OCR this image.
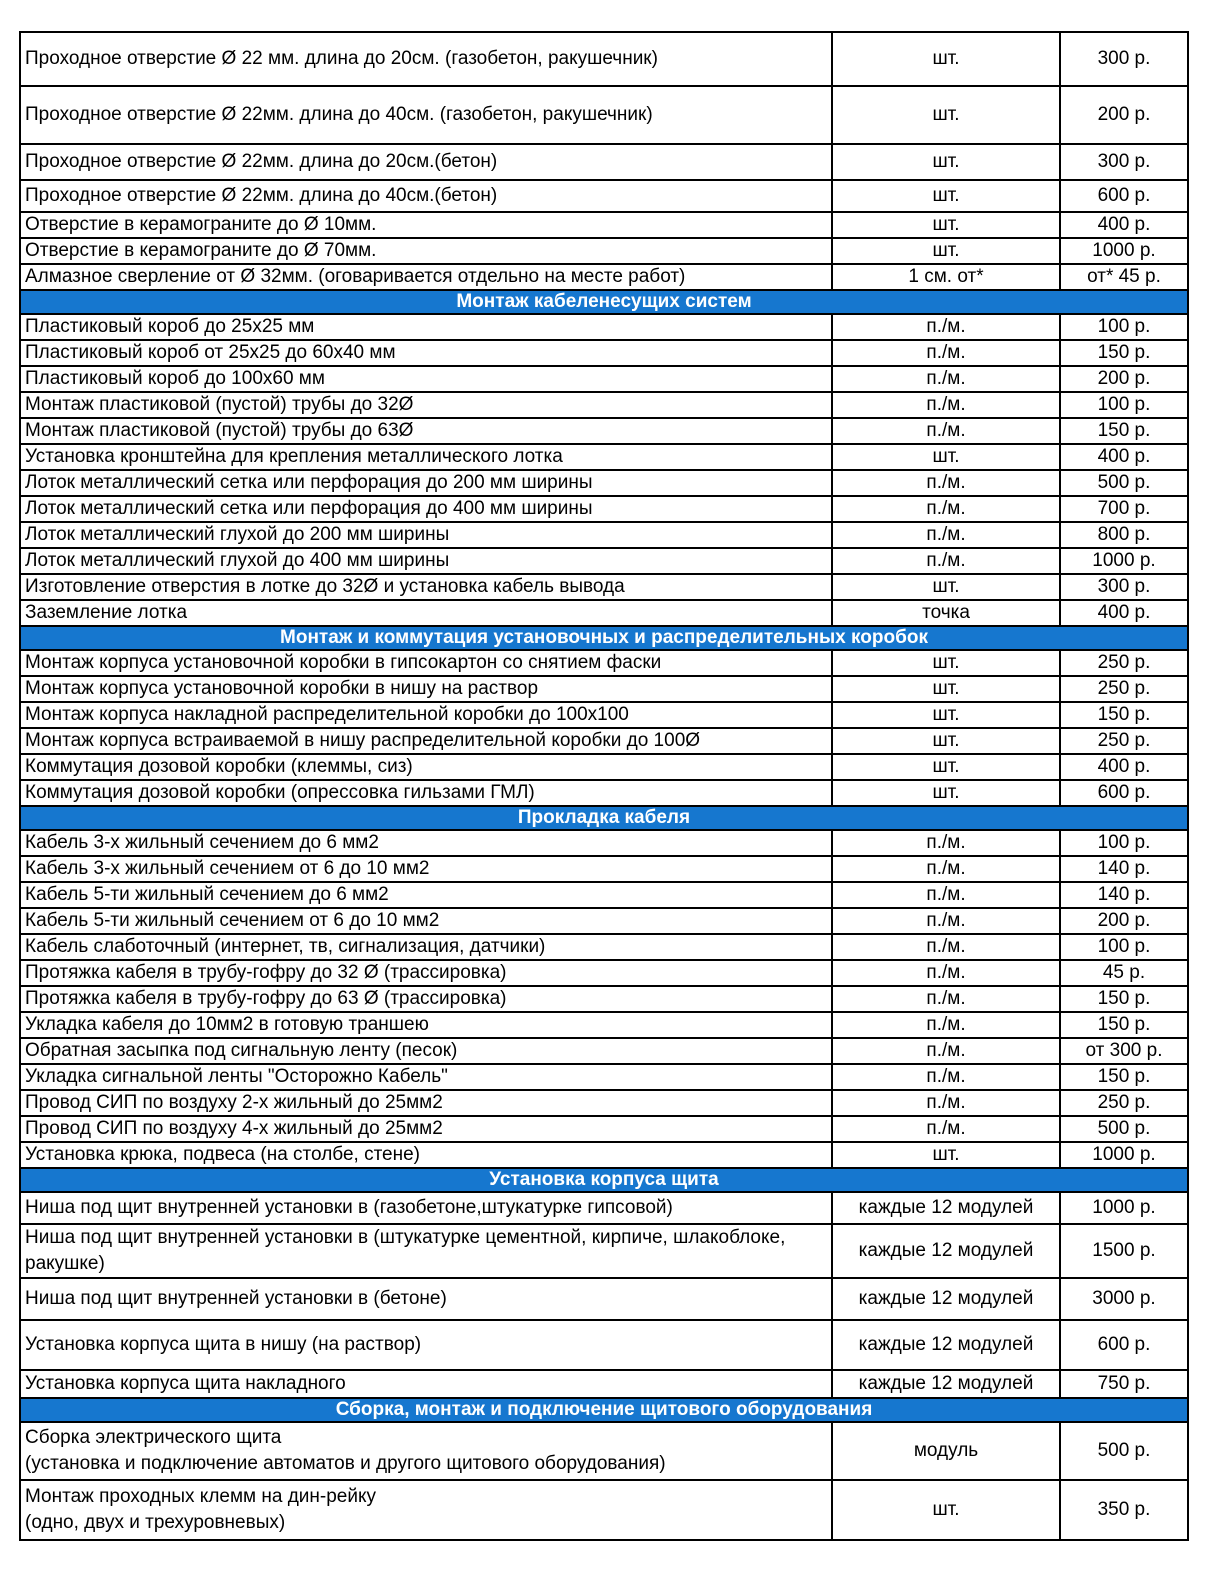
Проходное отверстие Ø 22 мм. длина до 20см. (газобетон, ракушечник)	шт.	300 р.
Проходное отверстие Ø 22мм. длина до 40см. (газобетон, ракушечник)	шт.	200 р.
Проходное отверстие Ø 22мм. длина до 20см.(бетон)	шт.	300 р.
Проходное отверстие Ø 22мм. длина до 40см.(бетон)	шт.	600 р.
Отверстие в керамограните до Ø 10мм.	шт.	400 р.
Отверстие в керамограните до Ø 70мм.	шт.	1000 р.
Алмазное сверление от Ø 32мм. (оговаривается отдельно на месте работ)	1 см. от*	от* 45 р.
Монтаж кабеленесущих систем		
Пластиковый короб до 25х25 мм	п./м.	100 р.
Пластиковый короб от 25х25 до 60х40 мм	п./м.	150 р.
Пластиковый короб до 100х60 мм	п./м.	200 р.
Монтаж пластиковой (пустой) трубы до 32Ø	п./м.	100 р.
Монтаж пластиковой (пустой) трубы до 63Ø	п./м.	150 р.
Установка кронштейна для крепления металлического лотка	шт.	400 р.
Лоток металлический сетка или перфорация до 200 мм ширины	п./м.	500 р.
Лоток металлический сетка или перфорация до 400 мм ширины	п./м.	700 р.
Лоток металлический глухой до 200 мм ширины	п./м.	800 р.
Лоток металлический глухой до 400 мм ширины	п./м.	1000 р.
Изготовление отверстия в лотке до 32Ø и установка кабель вывода	шт.	300 р.
Заземление лотка	точка	400 р.
Монтаж и коммутация установочных и распределительных коробок		
Монтаж корпуса установочной коробки в гипсокартон со снятием фаски	шт.	250 р.
Монтаж корпуса установочной коробки в нишу на раствор	шт.	250 р.
Монтаж корпуса накладной распределительной коробки до 100х100	шт.	150 р.
Монтаж корпуса встраиваемой в нишу распределительной коробки до 100Ø	шт.	250 р.
Коммутация дозовой коробки (клеммы, сиз)	шт.	400 р.
Коммутация дозовой коробки (опрессовка гильзами ГМЛ)	шт.	600 р.
Прокладка кабеля		
Кабель 3-х жильный сечением до 6 мм2	п./м.	100 р.
Кабель 3-х жильный сечением от 6 до 10 мм2	п./м.	140 р.
Кабель 5-ти жильный сечением до 6 мм2	п./м.	140 р.
Кабель 5-ти жильный сечением от 6 до 10 мм2	п./м.	200 р.
Кабель слаботочный (интернет, тв, сигнализация, датчики)	п./м.	100 р.
Протяжка кабеля в трубу-гофру до 32 Ø (трассировка)	п./м.	45 р.
Протяжка кабеля в трубу-гофру до 63 Ø (трассировка)	п./м.	150 р.
Укладка кабеля до 10мм2 в готовую траншею	п./м.	150 р.
Обратная засыпка под сигнальную ленту (песок)	п./м.	от 300 р.
Укладка сигнальной ленты "Осторожно Кабель"	п./м.	150 р.
Провод СИП по воздуху 2-х жильный до 25мм2	п./м.	250 р.
Провод СИП по воздуху 4-х жильный до 25мм2	п./м.	500 р.
Установка крюка, подвеса (на столбе, стене)	шт.	1000 р.
Установка корпуса щита		
Ниша под щит внутренней установки в (газобетоне,штукатурке гипсовой)	каждые 12 модулей	1000 р.
Ниша под щит внутренней установки в (штукатурке цементной, кирпиче, шлакоблоке, ракушке)	каждые 12 модулей	1500 р.
Ниша под щит внутренней установки в (бетоне)	каждые 12 модулей	3000 р.
Установка корпуса щита в нишу (на раствор)	каждые 12 модулей	600 р.
Установка корпуса щита накладного	каждые 12 модулей	750 р.
Сборка, монтаж и подключение щитового оборудования		
Сборка электрического щита
(установка и подключение автоматов и другого щитового оборудования)	модуль	500 р.
Монтаж проходных клемм на дин-рейку
(одно, двух и трехуровневых)	шт.	350 р.
